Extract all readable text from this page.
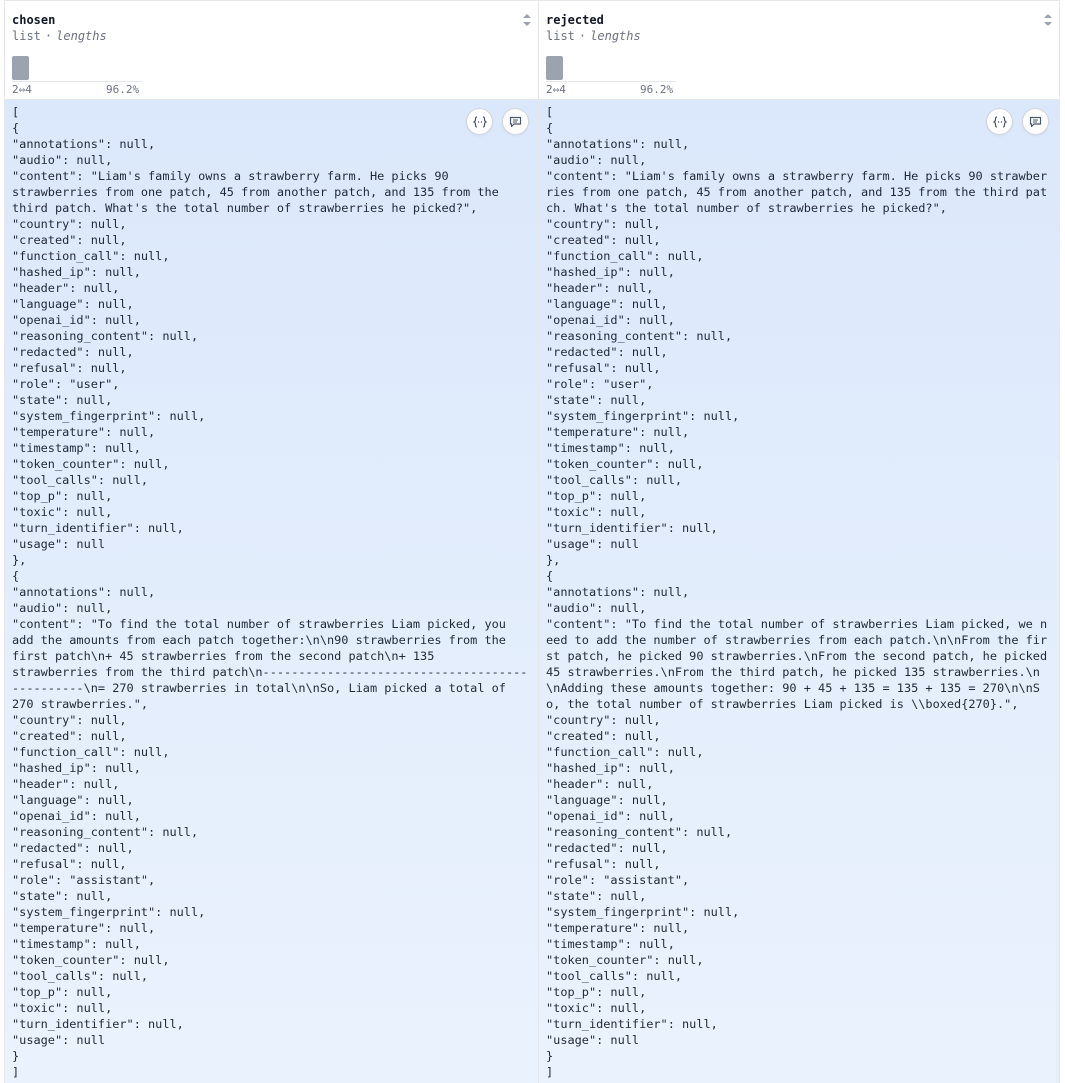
chosen
list · lengths
2⇔4	96.2%
[
{
"annotations": null,
"audio": null,
"content": "Liam's family owns a strawberry farm. He picks 90
strawberries from one patch, 45 from another patch, and 135 from the
third patch. What's the total number of strawberries he picked?",
"country": null,
"created": null,
"function_call": null,
"hashed_ip": null,
"header": null,
"language": null,
"openai_id": null,
"reasoning_content": null,
"redacted": null,
"refusal": null,
"role": "user",
"state": null,
"system_fingerprint": null,
"temperature": null,
"timestamp": null,
"token_counter": null,
"tool_calls": null,
"top_p": null,
"toxic": null,
"turn_identifier": null,
"usage": null
},
{
"annotations": null,
"audio": null,
"content": "To find the total number of strawberries Liam picked, you
add the amounts from each patch together:\n\n90 strawberries from the
first patch\n+ 45 strawberries from the second patch\n+ 135
strawberries from the third patch\n-------------------------------------
----------\n= 270 strawberries in total\n\nSo, Liam picked a total of
270 strawberries.",
"country": null,
"created": null,
"function_call": null,
"hashed_ip": null,
"header": null,
"language": null,
"openai_id": null,
"reasoning_content": null,
"redacted": null,
"refusal": null,
"role": "assistant",
"state": null,
"system_fingerprint": null,
"temperature": null,
"timestamp": null,
"token_counter": null,
"tool_calls": null,
"top_p": null,
"toxic": null,
"turn_identifier": null,
"usage": null
}
]
rejected
list · lengths
2⇔4	96.2%
[
{
"annotations": null,
"audio": null,
"content": "Liam's family owns a strawberry farm. He picks 90 strawber
ries from one patch, 45 from another patch, and 135 from the third pat
ch. What's the total number of strawberries he picked?",
"country": null,
"created": null,
"function_call": null,
"hashed_ip": null,
"header": null,
"language": null,
"openai_id": null,
"reasoning_content": null,
"redacted": null,
"refusal": null,
"role": "user",
"state": null,
"system_fingerprint": null,
"temperature": null,
"timestamp": null,
"token_counter": null,
"tool_calls": null,
"top_p": null,
"toxic": null,
"turn_identifier": null,
"usage": null
},
{
"annotations": null,
"audio": null,
"content": "To find the total number of strawberries Liam picked, we n
eed to add the number of strawberries from each patch.\n\nFrom the fir
st patch, he picked 90 strawberries.\nFrom the second patch, he picked
45 strawberries.\nFrom the third patch, he picked 135 strawberries.\n
\nAdding these amounts together: 90 + 45 + 135 = 135 + 135 = 270\n\nS
o, the total number of strawberries Liam picked is \\boxed{270}.",
"country": null,
"created": null,
"function_call": null,
"hashed_ip": null,
"header": null,
"language": null,
"openai_id": null,
"reasoning_content": null,
"redacted": null,
"refusal": null,
"role": "assistant",
"state": null,
"system_fingerprint": null,
"temperature": null,
"timestamp": null,
"token_counter": null,
"tool_calls": null,
"top_p": null,
"toxic": null,
"turn_identifier": null,
"usage": null
}
]
